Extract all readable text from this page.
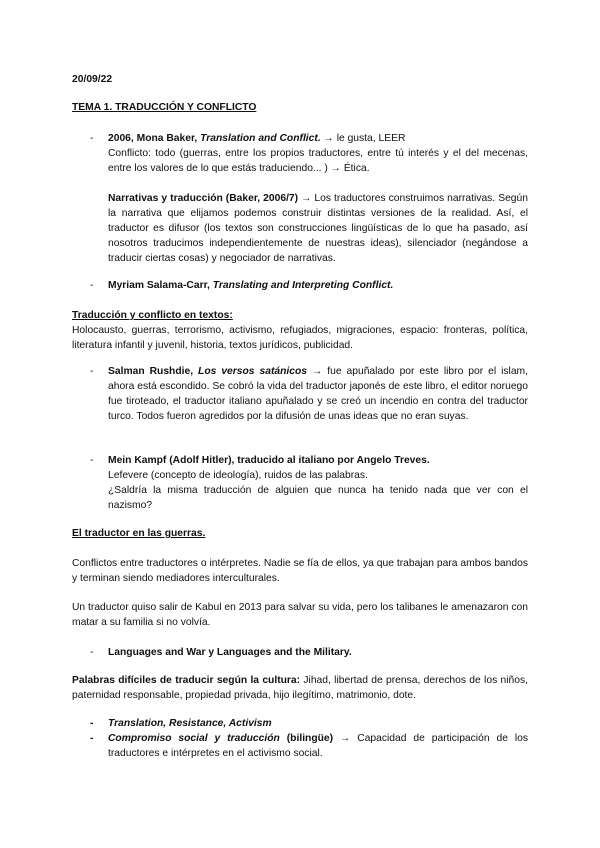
20/09/22
TEMA 1. TRADUCCIÓN Y CONFLICTO
- 2006, Mona Baker, Translation and Conflict. → le gusta, LEER

Conflicto: todo (guerras, entre los propios traductores, entre tú interés y el del mecenas, entre los valores de lo que estás traduciendo... ) → Ética.

Narrativas y traducción (Baker, 2006/7) → Los traductores construimos narrativas. Según la narrativa que elijamos podemos construir distintas versiones de la realidad. Así, el traductor es difusor (los textos son construcciones lingüísticas de lo que ha pasado, así nosotros traducimos independientemente de nuestras ideas), silenciador (negándose a traducir ciertas cosas) y negociador de narrativas.

- Myriam Salama-Carr, Translating and Interpreting Conflict.

Traducción y conflicto en textos:

Holocausto, guerras, terrorismo, activismo, refugiados, migraciones, espacio: fronteras, política, literatura infantil y juvenil, historia, textos jurídicos, publicidad.

- Salman Rushdie, Los versos satánicos → fue apuñalado por este libro por el islam, ahora está escondido. Se cobró la vida del traductor japonés de este libro, el editor noruego fue tiroteado, el traductor italiano apuñalado y se creó un incendio en contra del traductor turco. Todos fueron agredidos por la difusión de unas ideas que no eran suyas.

- Mein Kampf (Adolf Hitler), traducido al italiano por Angelo Treves.

Lefevere (concepto de ideología), ruidos de las palabras.

¿Saldría la misma traducción de alguien que nunca ha tenido nada que ver con el nazismo?

El traductor en las guerras.

Conflictos entre traductores o intérpretes. Nadie se fía de ellos, ya que trabajan para ambos bandos y terminan siendo mediadores interculturales.

Un traductor quiso salir de Kabul en 2013 para salvar su vida, pero los talibanes le amenazaron con matar a su familia si no volvía.

- Languages and War y Languages and the Military.

Palabras difíciles de traducir según la cultura: Jihad, libertad de prensa, derechos de los niños, paternidad responsable, propiedad privada, hijo ilegítimo, matrimonio, dote.

- Translation, Resistance, Activism
- Compromiso social y traducción (bilingüe) → Capacidad de participación de los traductores e intérpretes en el activismo social.
